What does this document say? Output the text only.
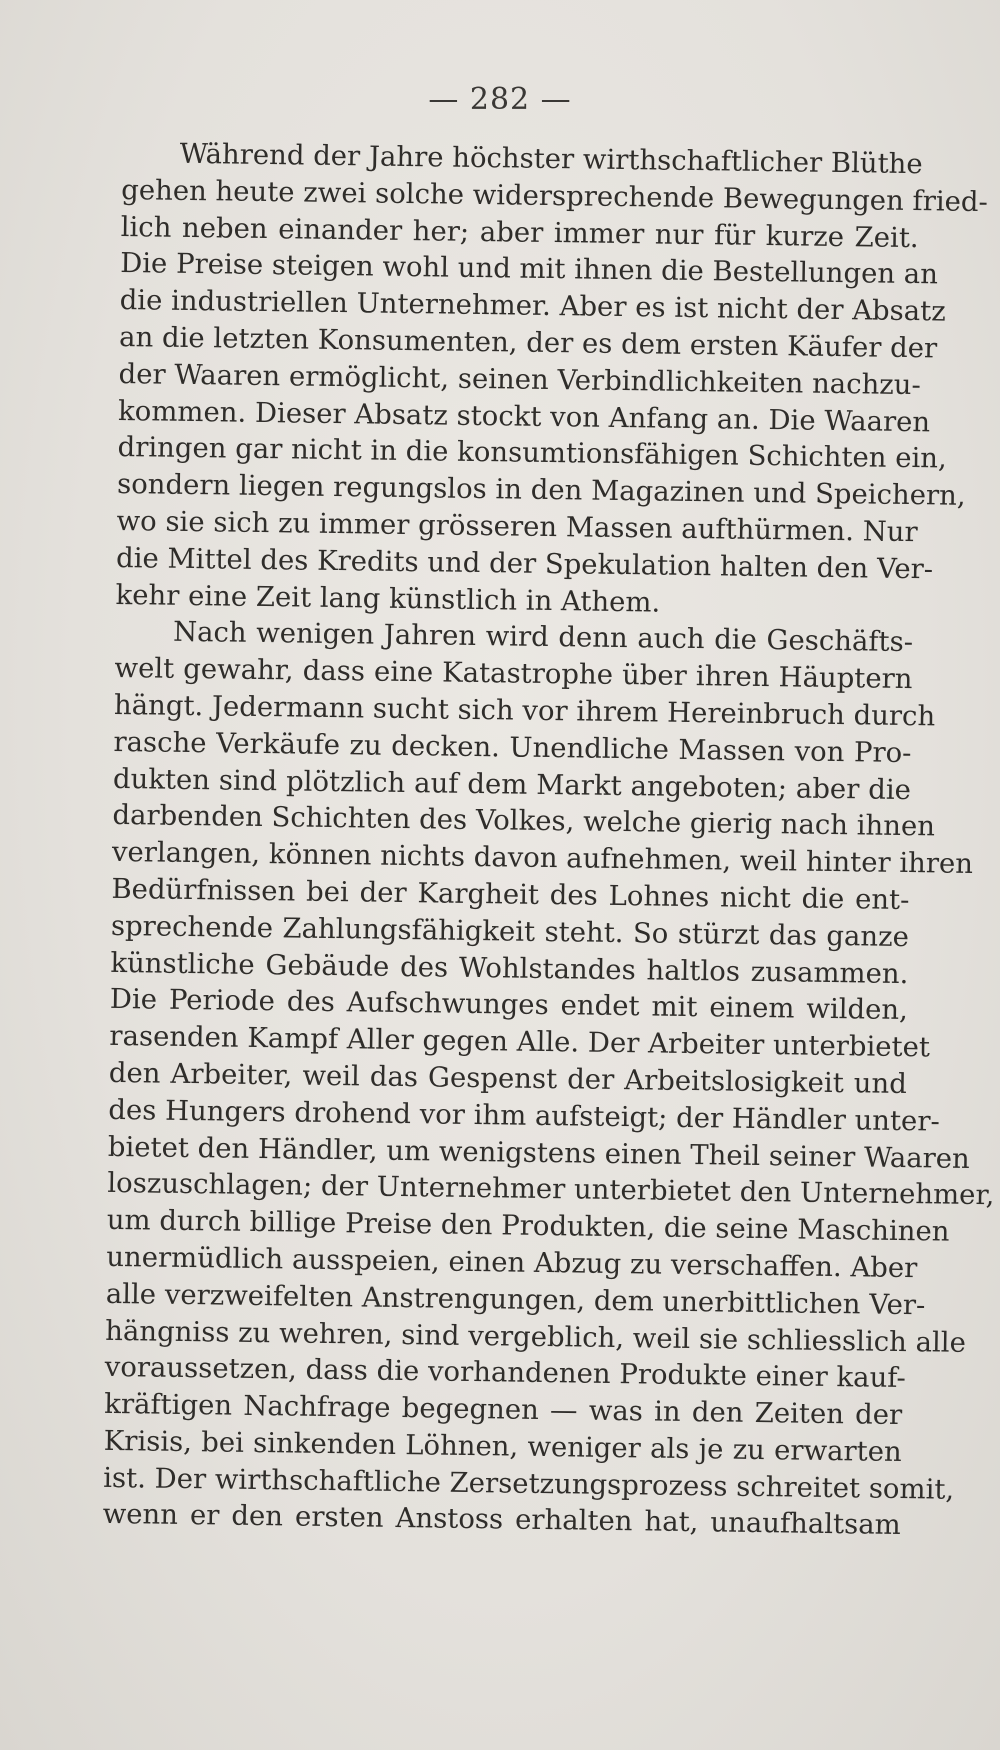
— 282 —

Während der Jahre höchster wirthschaftlicher Blüthe
gehen heute zwei solche widersprechende Bewegungen fried-
lich neben einander her; aber immer nur für kurze Zeit.
Die Preise steigen wohl und mit ihnen die Bestellungen an
die industriellen Unternehmer. Aber es ist nicht der Absatz
an die letzten Konsumenten, der es dem ersten Käufer der
der Waaren ermöglicht, seinen Verbindlichkeiten nachzu-
kommen. Dieser Absatz stockt von Anfang an. Die Waaren
dringen gar nicht in die konsumtionsfähigen Schichten ein,
sondern liegen regungslos in den Magazinen und Speichern,
wo sie sich zu immer grösseren Massen aufthürmen. Nur
die Mittel des Kredits und der Spekulation halten den Ver-
kehr eine Zeit lang künstlich in Athem.

Nach wenigen Jahren wird denn auch die Geschäfts-
welt gewahr, dass eine Katastrophe über ihren Häuptern
hängt. Jedermann sucht sich vor ihrem Hereinbruch durch
rasche Verkäufe zu decken. Unendliche Massen von Pro-
dukten sind plötzlich auf dem Markt angeboten; aber die
darbenden Schichten des Volkes, welche gierig nach ihnen
verlangen, können nichts davon aufnehmen, weil hinter ihren
Bedürfnissen bei der Kargheit des Lohnes nicht die ent-
sprechende Zahlungsfähigkeit steht. So stürzt das ganze
künstliche Gebäude des Wohlstandes haltlos zusammen.
Die Periode des Aufschwunges endet mit einem wilden,
rasenden Kampf Aller gegen Alle. Der Arbeiter unterbietet
den Arbeiter, weil das Gespenst der Arbeitslosigkeit und
des Hungers drohend vor ihm aufsteigt; der Händler unter-
bietet den Händler, um wenigstens einen Theil seiner Waaren
loszuschlagen; der Unternehmer unterbietet den Unternehmer,
um durch billige Preise den Produkten, die seine Maschinen
unermüdlich ausspeien, einen Abzug zu verschaffen. Aber
alle verzweifelten Anstrengungen, dem unerbittlichen Ver-
hängniss zu wehren, sind vergeblich, weil sie schliesslich alle
voraussetzen, dass die vorhandenen Produkte einer kauf-
kräftigen Nachfrage begegnen — was in den Zeiten der
Krisis, bei sinkenden Löhnen, weniger als je zu erwarten
ist. Der wirthschaftliche Zersetzungsprozess schreitet somit,
wenn er den ersten Anstoss erhalten hat, unaufhaltsam
